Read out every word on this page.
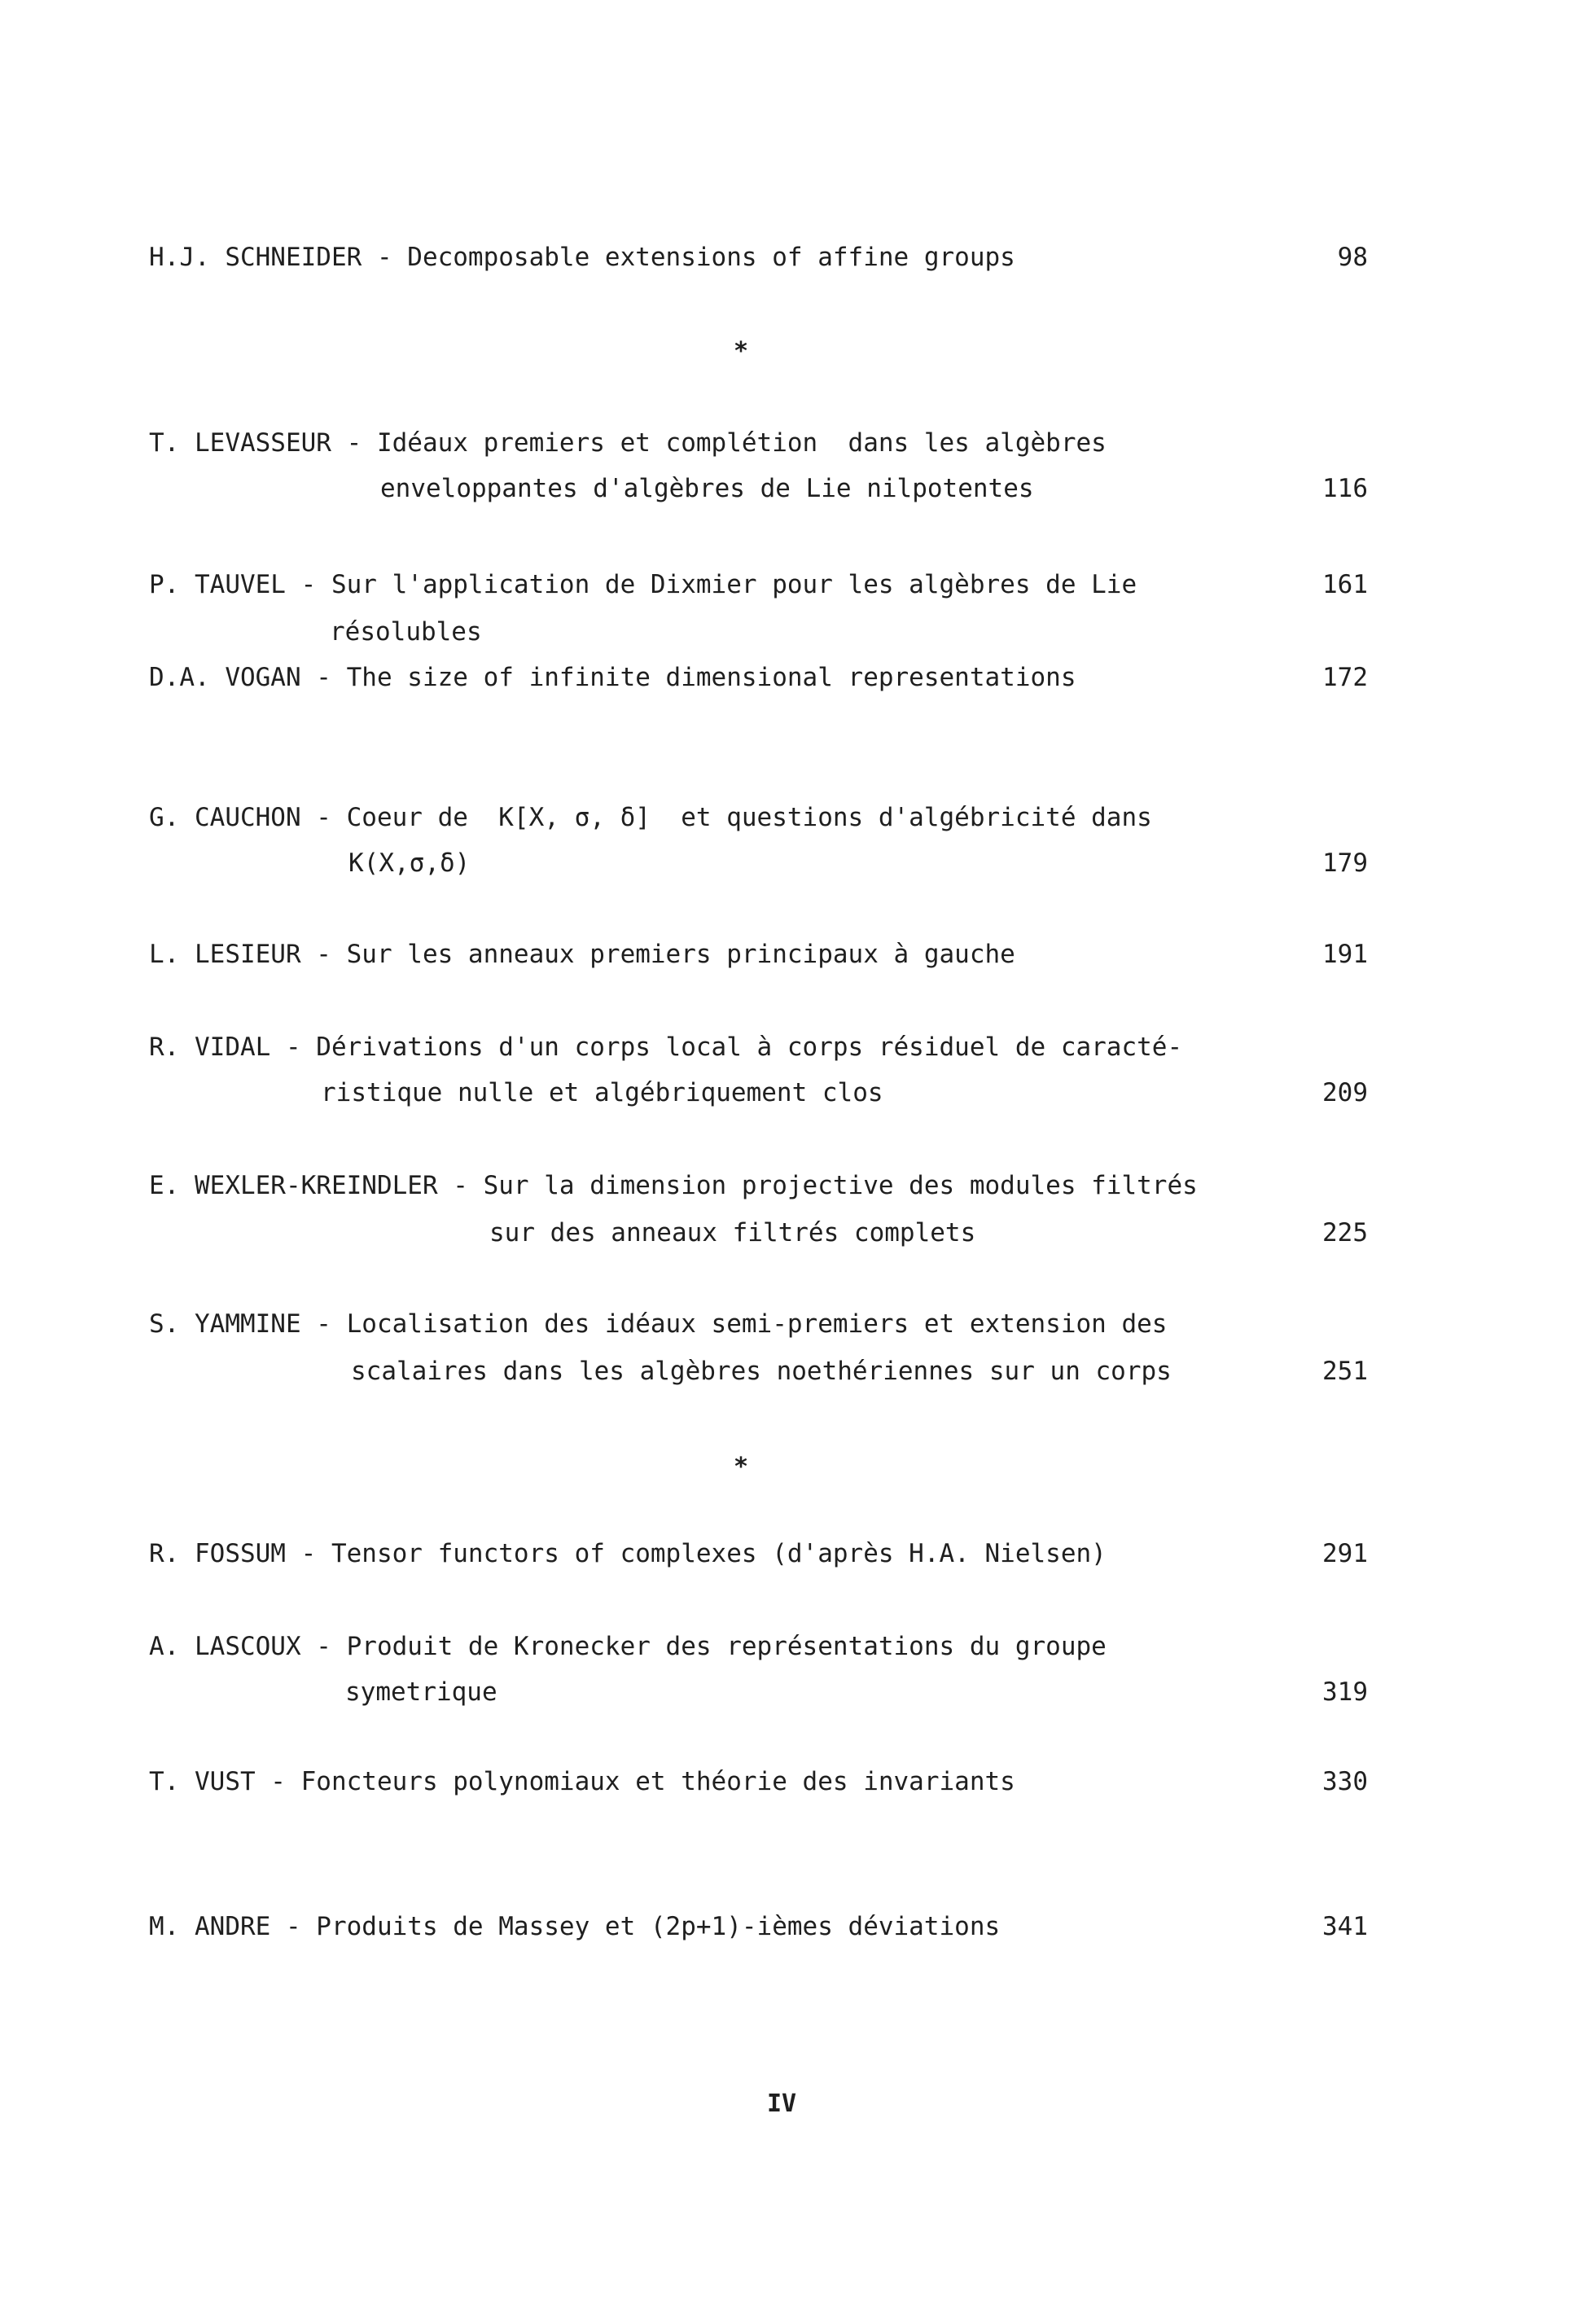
H.J. SCHNEIDER - Decomposable extensions of affine groups	98
*
T. LEVASSEUR - Idéaux premiers et complétion  dans les algèbres
enveloppantes d'algèbres de Lie nilpotentes	116
P. TAUVEL - Sur l'application de Dixmier pour les algèbres de Lie	161
résolubles
D.A. VOGAN - The size of infinite dimensional representations	172
G. CAUCHON - Coeur de  K[X, σ, δ]  et questions d'algébricité dans
K(X,σ,δ)	179
L. LESIEUR - Sur les anneaux premiers principaux à gauche	191
R. VIDAL - Dérivations d'un corps local à corps résiduel de caracté-
ristique nulle et algébriquement clos	209
E. WEXLER-KREINDLER - Sur la dimension projective des modules filtrés
sur des anneaux filtrés complets	225
S. YAMMINE - Localisation des idéaux semi-premiers et extension des
scalaires dans les algèbres noethériennes sur un corps	251
*
R. FOSSUM - Tensor functors of complexes (d'après H.A. Nielsen)	291
A. LASCOUX - Produit de Kronecker des représentations du groupe
symetrique	319
T. VUST - Foncteurs polynomiaux et théorie des invariants	330
M. ANDRE - Produits de Massey et (2p+1)-ièmes déviations	341
IV
